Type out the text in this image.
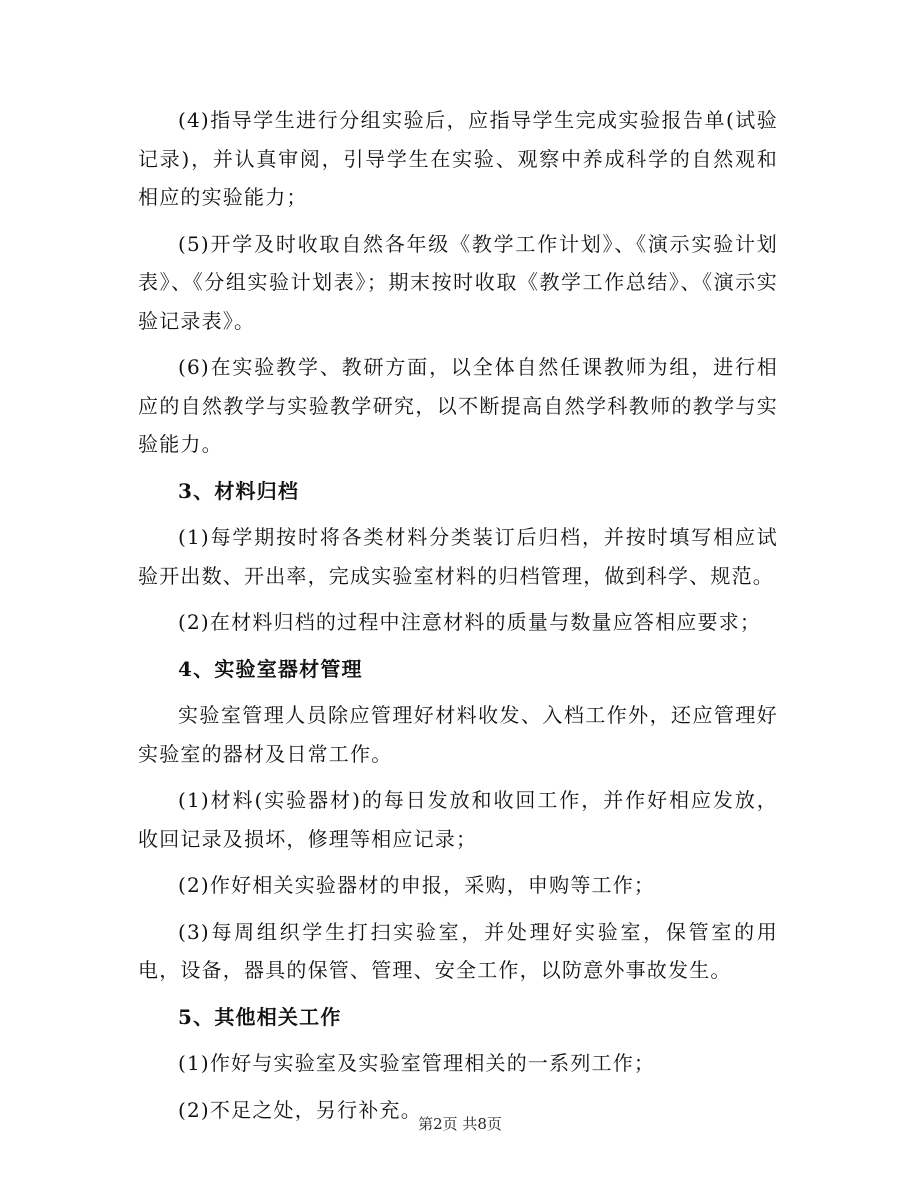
(4)指导学生进行分组实验后，应指导学生完成实验报告单(试验记录)，并认真审阅，引导学生在实验、观察中养成科学的自然观和相应的实验能力；

(5)开学及时收取自然各年级《教学工作计划》、《演示实验计划表》、《分组实验计划表》；期末按时收取《教学工作总结》、《演示实验记录表》。

(6)在实验教学、教研方面，以全体自然任课教师为组，进行相应的自然教学与实验教学研究，以不断提高自然学科教师的教学与实验能力。

3、材料归档

(1)每学期按时将各类材料分类装订后归档，并按时填写相应试验开出数、开出率，完成实验室材料的归档管理，做到科学、规范。

(2)在材料归档的过程中注意材料的质量与数量应答相应要求；

4、实验室器材管理

实验室管理人员除应管理好材料收发、入档工作外，还应管理好实验室的器材及日常工作。

(1)材料(实验器材)的每日发放和收回工作，并作好相应发放，收回记录及损坏，修理等相应记录；

(2)作好相关实验器材的申报，采购，申购等工作；

(3)每周组织学生打扫实验室，并处理好实验室，保管室的用电，设备，器具的保管、管理、安全工作，以防意外事故发生。

5、其他相关工作

(1)作好与实验室及实验室管理相关的一系列工作；

(2)不足之处，另行补充。

第2页 共8页
